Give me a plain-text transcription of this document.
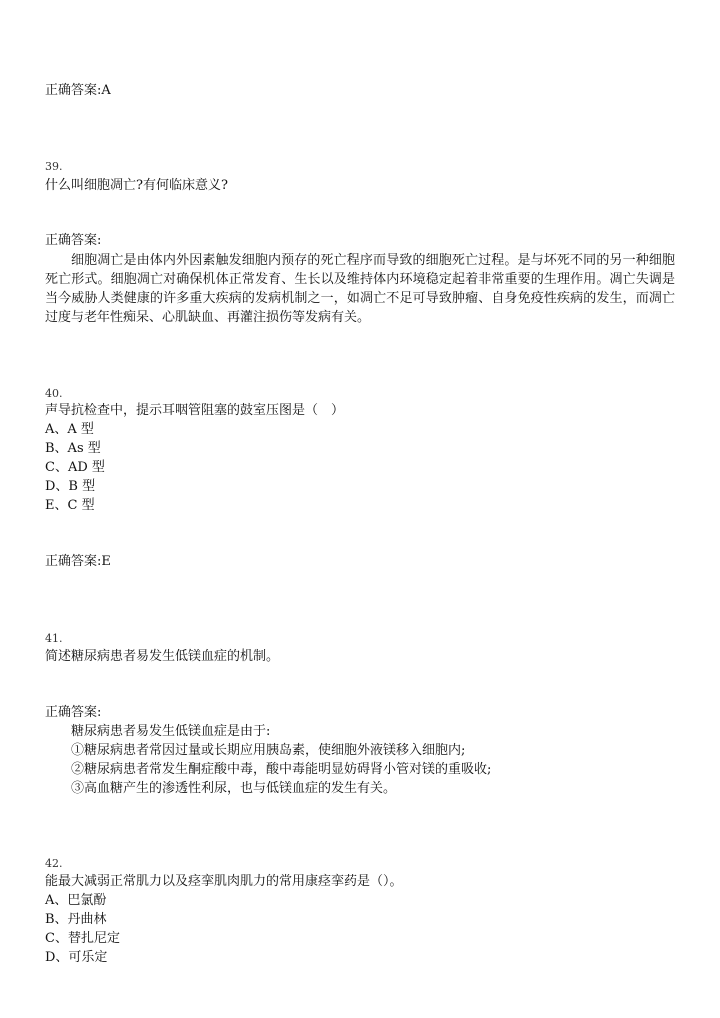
正确答案:A
39.
什么叫细胞凋亡?有何临床意义?
正确答案:
细胞凋亡是由体内外因素触发细胞内预存的死亡程序而导致的细胞死亡过程。是与坏死不同的另一种细胞死亡形式。细胞凋亡对确保机体正常发育、生长以及维持体内环境稳定起着非常重要的生理作用。凋亡失调是当今威胁人类健康的许多重大疾病的发病机制之一，如凋亡不足可导致肿瘤、自身免疫性疾病的发生，而凋亡过度与老年性痴呆、心肌缺血、再灌注损伤等发病有关。
40.
声导抗检查中，提示耳咽管阻塞的鼓室压图是（　）
A、A 型
B、As 型
C、AD 型
D、B 型
E、C 型
正确答案:E
41.
简述糖尿病患者易发生低镁血症的机制。
正确答案:
糖尿病患者易发生低镁血症是由于:
①糖尿病患者常因过量或长期应用胰岛素，使细胞外液镁移入细胞内;
②糖尿病患者常发生酮症酸中毒，酸中毒能明显妨碍肾小管对镁的重吸收;
③高血糖产生的渗透性利尿，也与低镁血症的发生有关。
42.
能最大减弱正常肌力以及痉挛肌肉肌力的常用康痉挛药是（）。
A、巴氯酚
B、丹曲林
C、替扎尼定
D、可乐定
